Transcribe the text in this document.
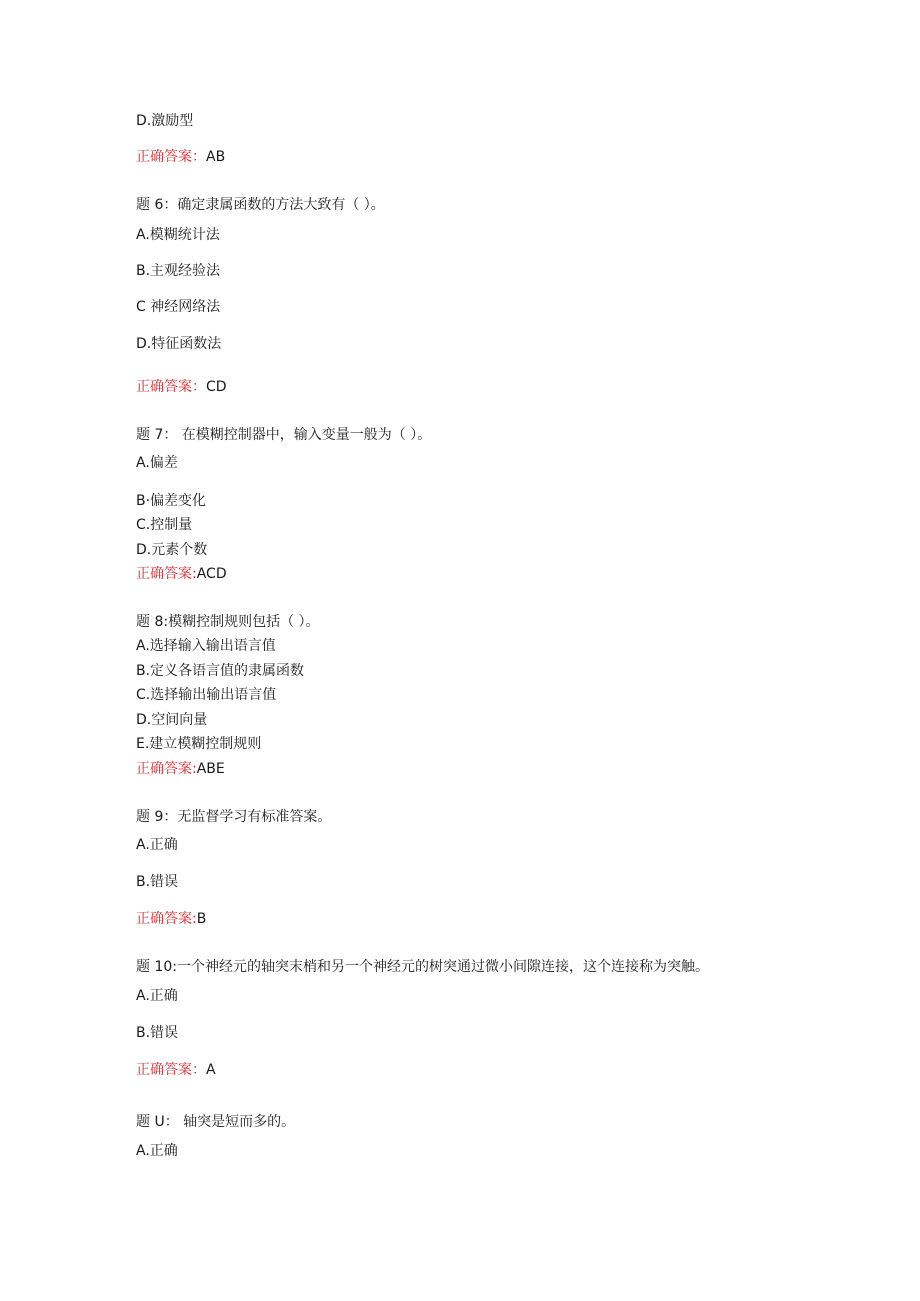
D.激励型
正确答案：AB
题 6：确定隶属函数的方法大致有（ ）。
A.模糊统计法
B.主观经验法
C 神经网络法
D.特征函数法
正确答案：CD
题 7： 在模糊控制器中，输入变量一般为（ ）。
A.偏差
B·偏差变化
C.控制量
D.元素个数
正确答案:ACD
题 8:模糊控制规则包括（ ）。
A.选择输入输出语言值
B.定义各语言值的隶属函数
C.选择输出输出语言值
D.空间向量
E.建立模糊控制规则
正确答案:ABE
题 9：无监督学习有标准答案。
A.正确
B.错误
正确答案:B
题 10:一个神经元的轴突末梢和另一个神经元的树突通过微小间隙连接，这个连接称为突触。
A.正确
B.错误
正确答案：A
题 U： 轴突是短而多的。
A.正确
